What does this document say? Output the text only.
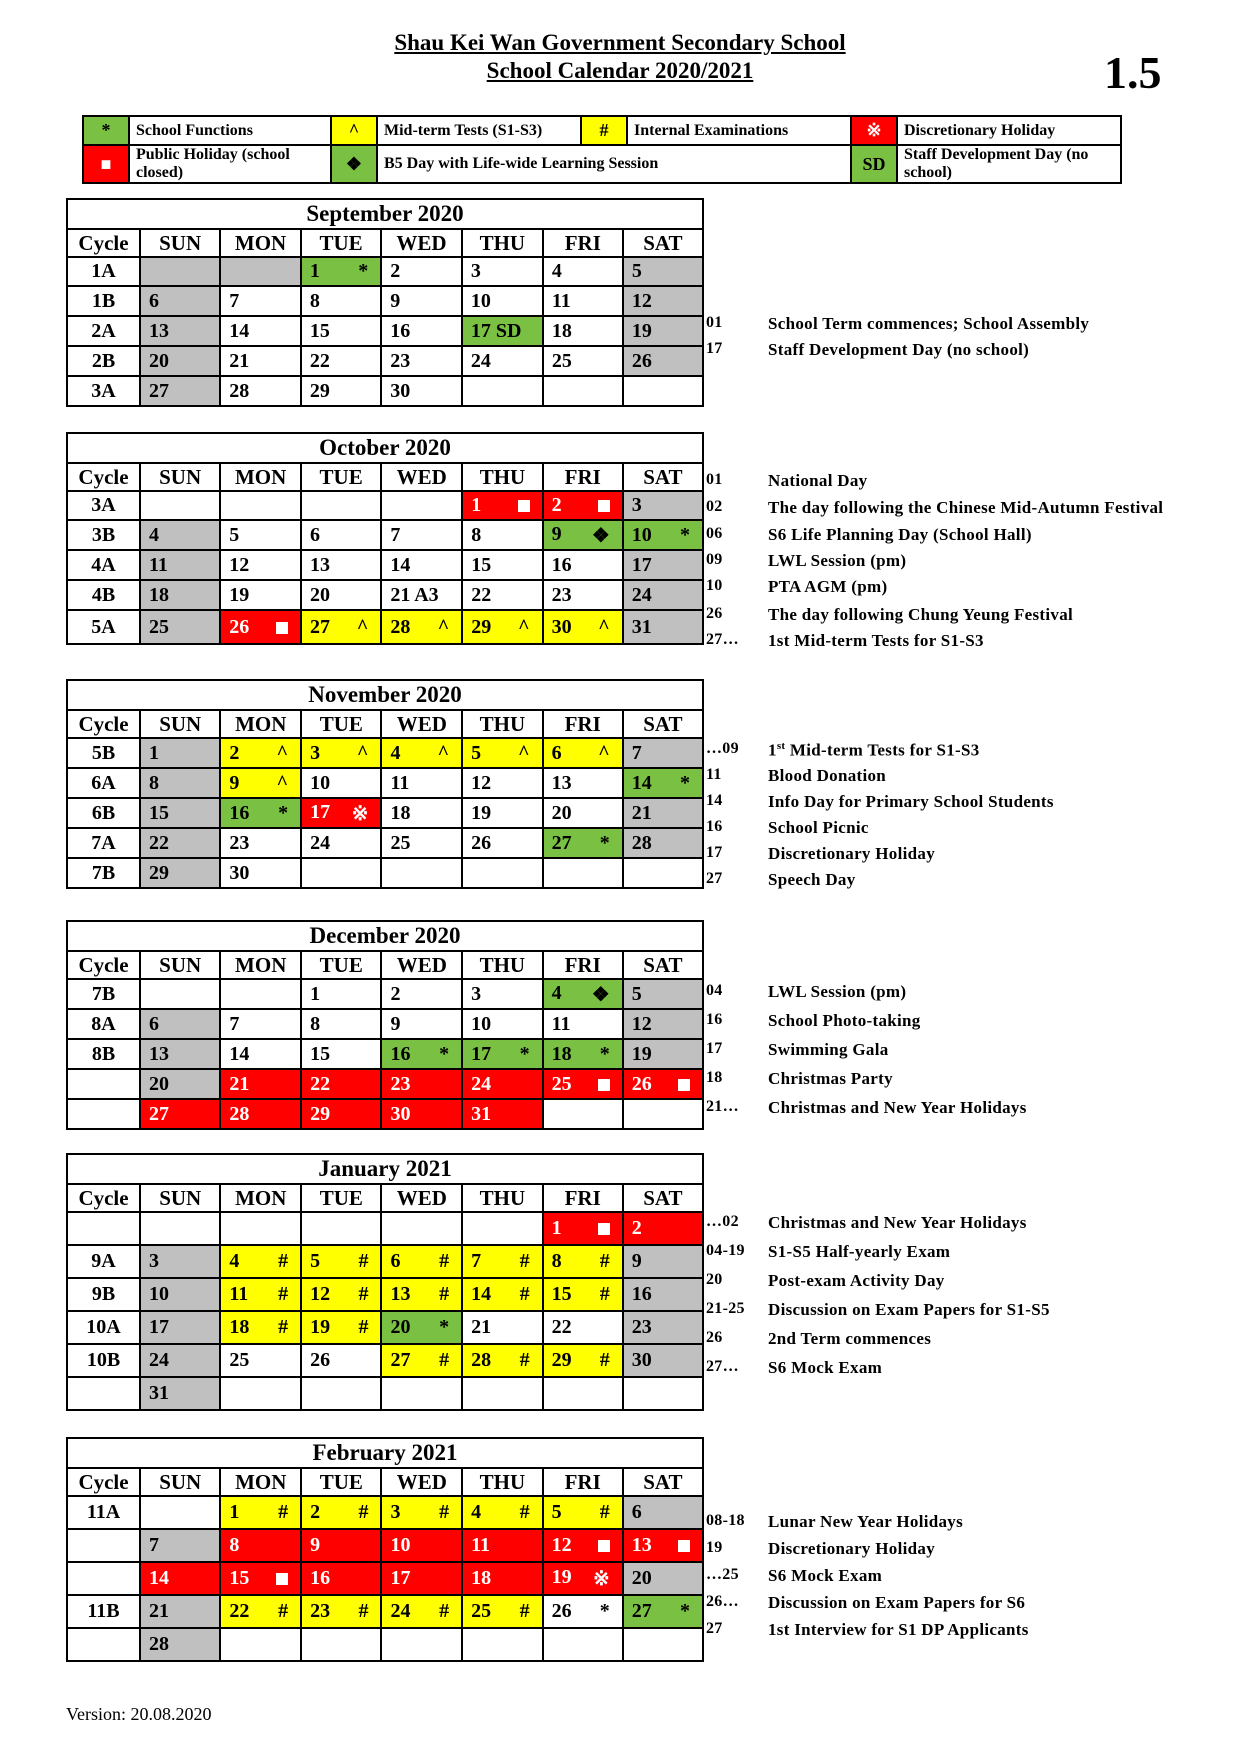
Shau Kei Wan Government Secondary School
School Calendar 2020/2021	1.5
*	School Functions	^	Mid-term Tests (S1-S3)	#	Internal Examinations	※	Discretionary Holiday
■	Public Holiday (school closed)	❖	B5 Day with Life-wide Learning Session			SD	Staff Development Day (no school)
September 2020							
Cycle	SUN	MON	TUE	WED	THU	FRI	SAT
1A			1 *	2	3	4	5
1B	6	7	8	9	10	11	12
2A	13	14	15	16	17 SD	18	19
2B	20	21	22	23	24	25	26
3A	27	28	29	30			
01	School Term commences; School Assembly
17	Staff Development Day (no school)
October 2020							
Cycle	SUN	MON	TUE	WED	THU	FRI	SAT
3A					1	2	3
3B	4	5	6	7	8	9 ❖	10 *

4A	11	12	13	14	15	16	17
4B	18	19	20	21 A3	22	23	24
5A	25	26	27 ^	28 ^	29 ^	30 ^	31
01	National Day
02	The day following the Chinese Mid-Autumn Festival
06	S6 Life Planning Day (School Hall)
09	LWL Session (pm)
10	PTA AGM (pm)
26	The day following Chung Yeung Festival
27… 1st Mid-term Tests for S1-S3
November 2020							
Cycle	SUN	MON	TUE	WED	THU	FRI	SAT
5B	1	2 ^	3 ^	4 ^	5 ^	6 ^	7
6A	8	9 ^	10	11	12	13	14 *

6B	15	16 *	17 ※	18	19	20	21
7A	22	23	24	25	26	27 *	28
7B	29	30					
…09 1st Mid-term Tests for S1-S3
11	Blood Donation
14	Info Day for Primary School Students
16	School Picnic
17	Discretionary Holiday
27	Speech Day
December 2020							
Cycle	SUN	MON	TUE	WED	THU	FRI	SAT
7B			1	2	3	4 ❖	5
8A	6	7	8	9	10	11	12
8B	13	14	15	16 *	17 *	18 *	19
	20	21	22	23	24	25	26

	27	28	29	30	31		
04	LWL Session (pm)
16	School Photo-taking
17	Swimming Gala
18	Christmas Party
21… Christmas and New Year Holidays
January 2021							
Cycle	SUN	MON	TUE	WED	THU	FRI	SAT
						1	2
9A	3	4 #	5 #	6 #	7 #	8 #	9
9B	10	11 #	12 #	13 #	14 #	15 #	16
10A	17	18 #	19 #	20 *	21	22	23
10B	24	25	26	27 #	28 #	29 #	30
	31						
…02 Christmas and New Year Holidays
04-19 S1-S5 Half-yearly Exam
20	Post-exam Activity Day
21-25 Discussion on Exam Papers for S1-S5
26	2nd Term commences
27… S6 Mock Exam
February 2021							
Cycle	SUN	MON	TUE	WED	THU	FRI	SAT
11A		1 #	2 #	3 #	4 #	5 #	6
	7	8	9	10	11	12	13

	14	15	16	17	18	19 ※	20
11B	21	22 #	23 #	24 #	25 #	26 *	27 *

	28						
08-18 Lunar New Year Holidays
19	Discretionary Holiday
…25 S6 Mock Exam
26… Discussion on Exam Papers for S6
27	1st Interview for S1 DP Applicants
Version: 20.08.2020
